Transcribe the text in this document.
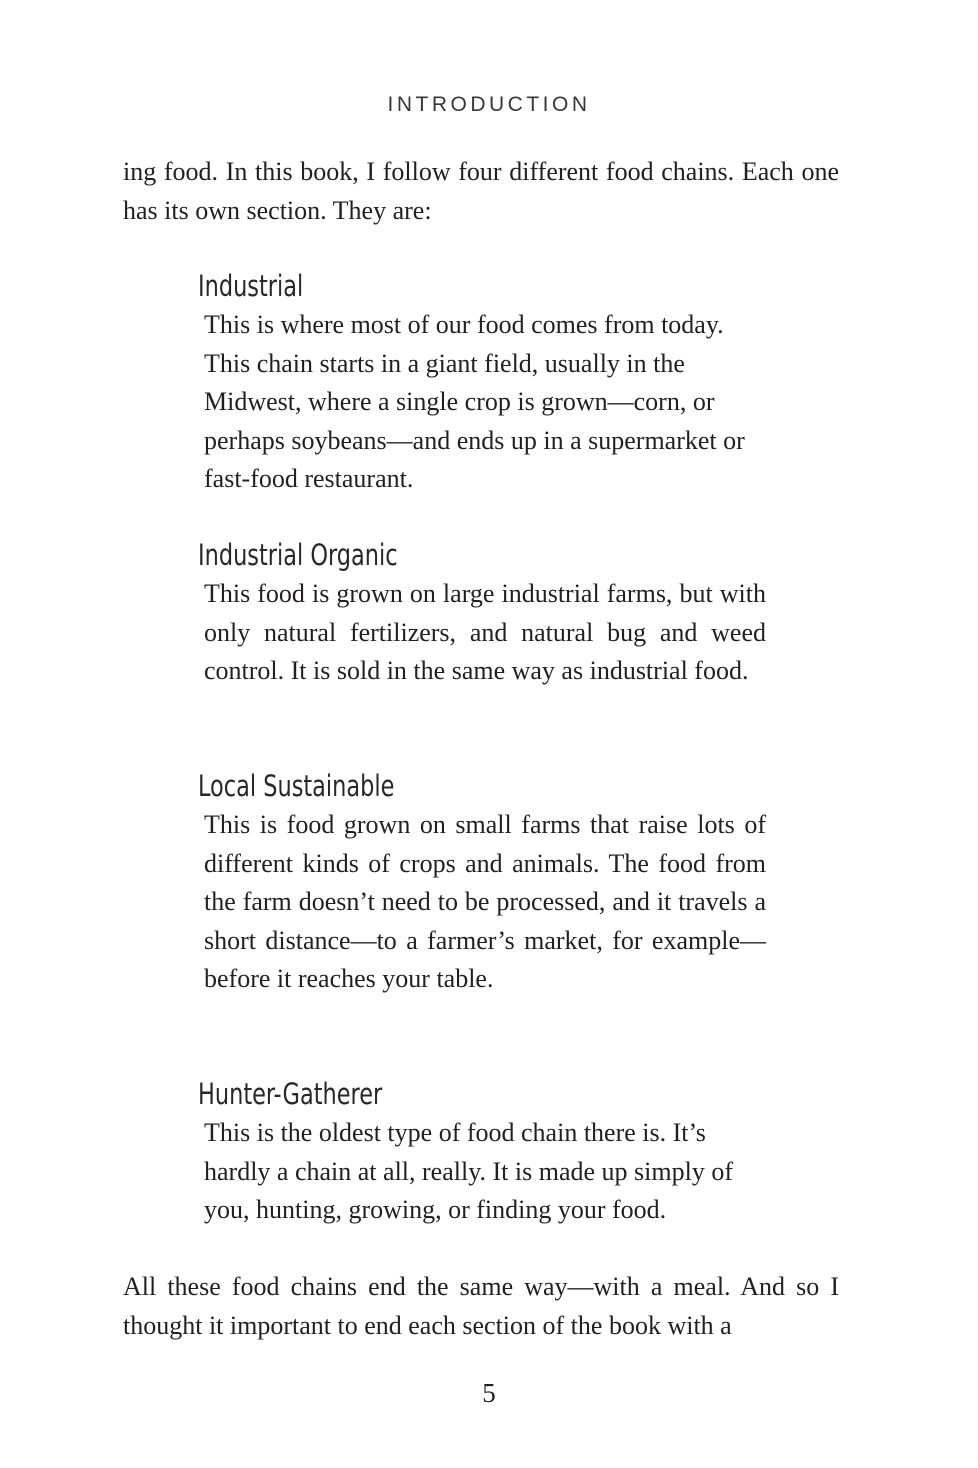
INTRODUCTION

ing food. In this book, I follow four different food chains. Each one has its own section. They are:

Industrial

This is where most of our food comes from today. This chain starts in a giant field, usually in the Midwest, where a single crop is grown—corn, or perhaps soybeans—and ends up in a supermarket or fast-food restaurant.

Industrial Organic

This food is grown on large industrial farms, but with only natural fertilizers, and natural bug and weed control. It is sold in the same way as industrial food.

Local Sustainable

This is food grown on small farms that raise lots of different kinds of crops and animals. The food from the farm doesn’t need to be processed, and it travels a short distance—to a farmer’s market, for example—before it reaches your table.

Hunter-Gatherer

This is the oldest type of food chain there is. It’s hardly a chain at all, really. It is made up simply of you, hunting, growing, or finding your food.

All these food chains end the same way—with a meal. And so I thought it important to end each section of the book with a

5
